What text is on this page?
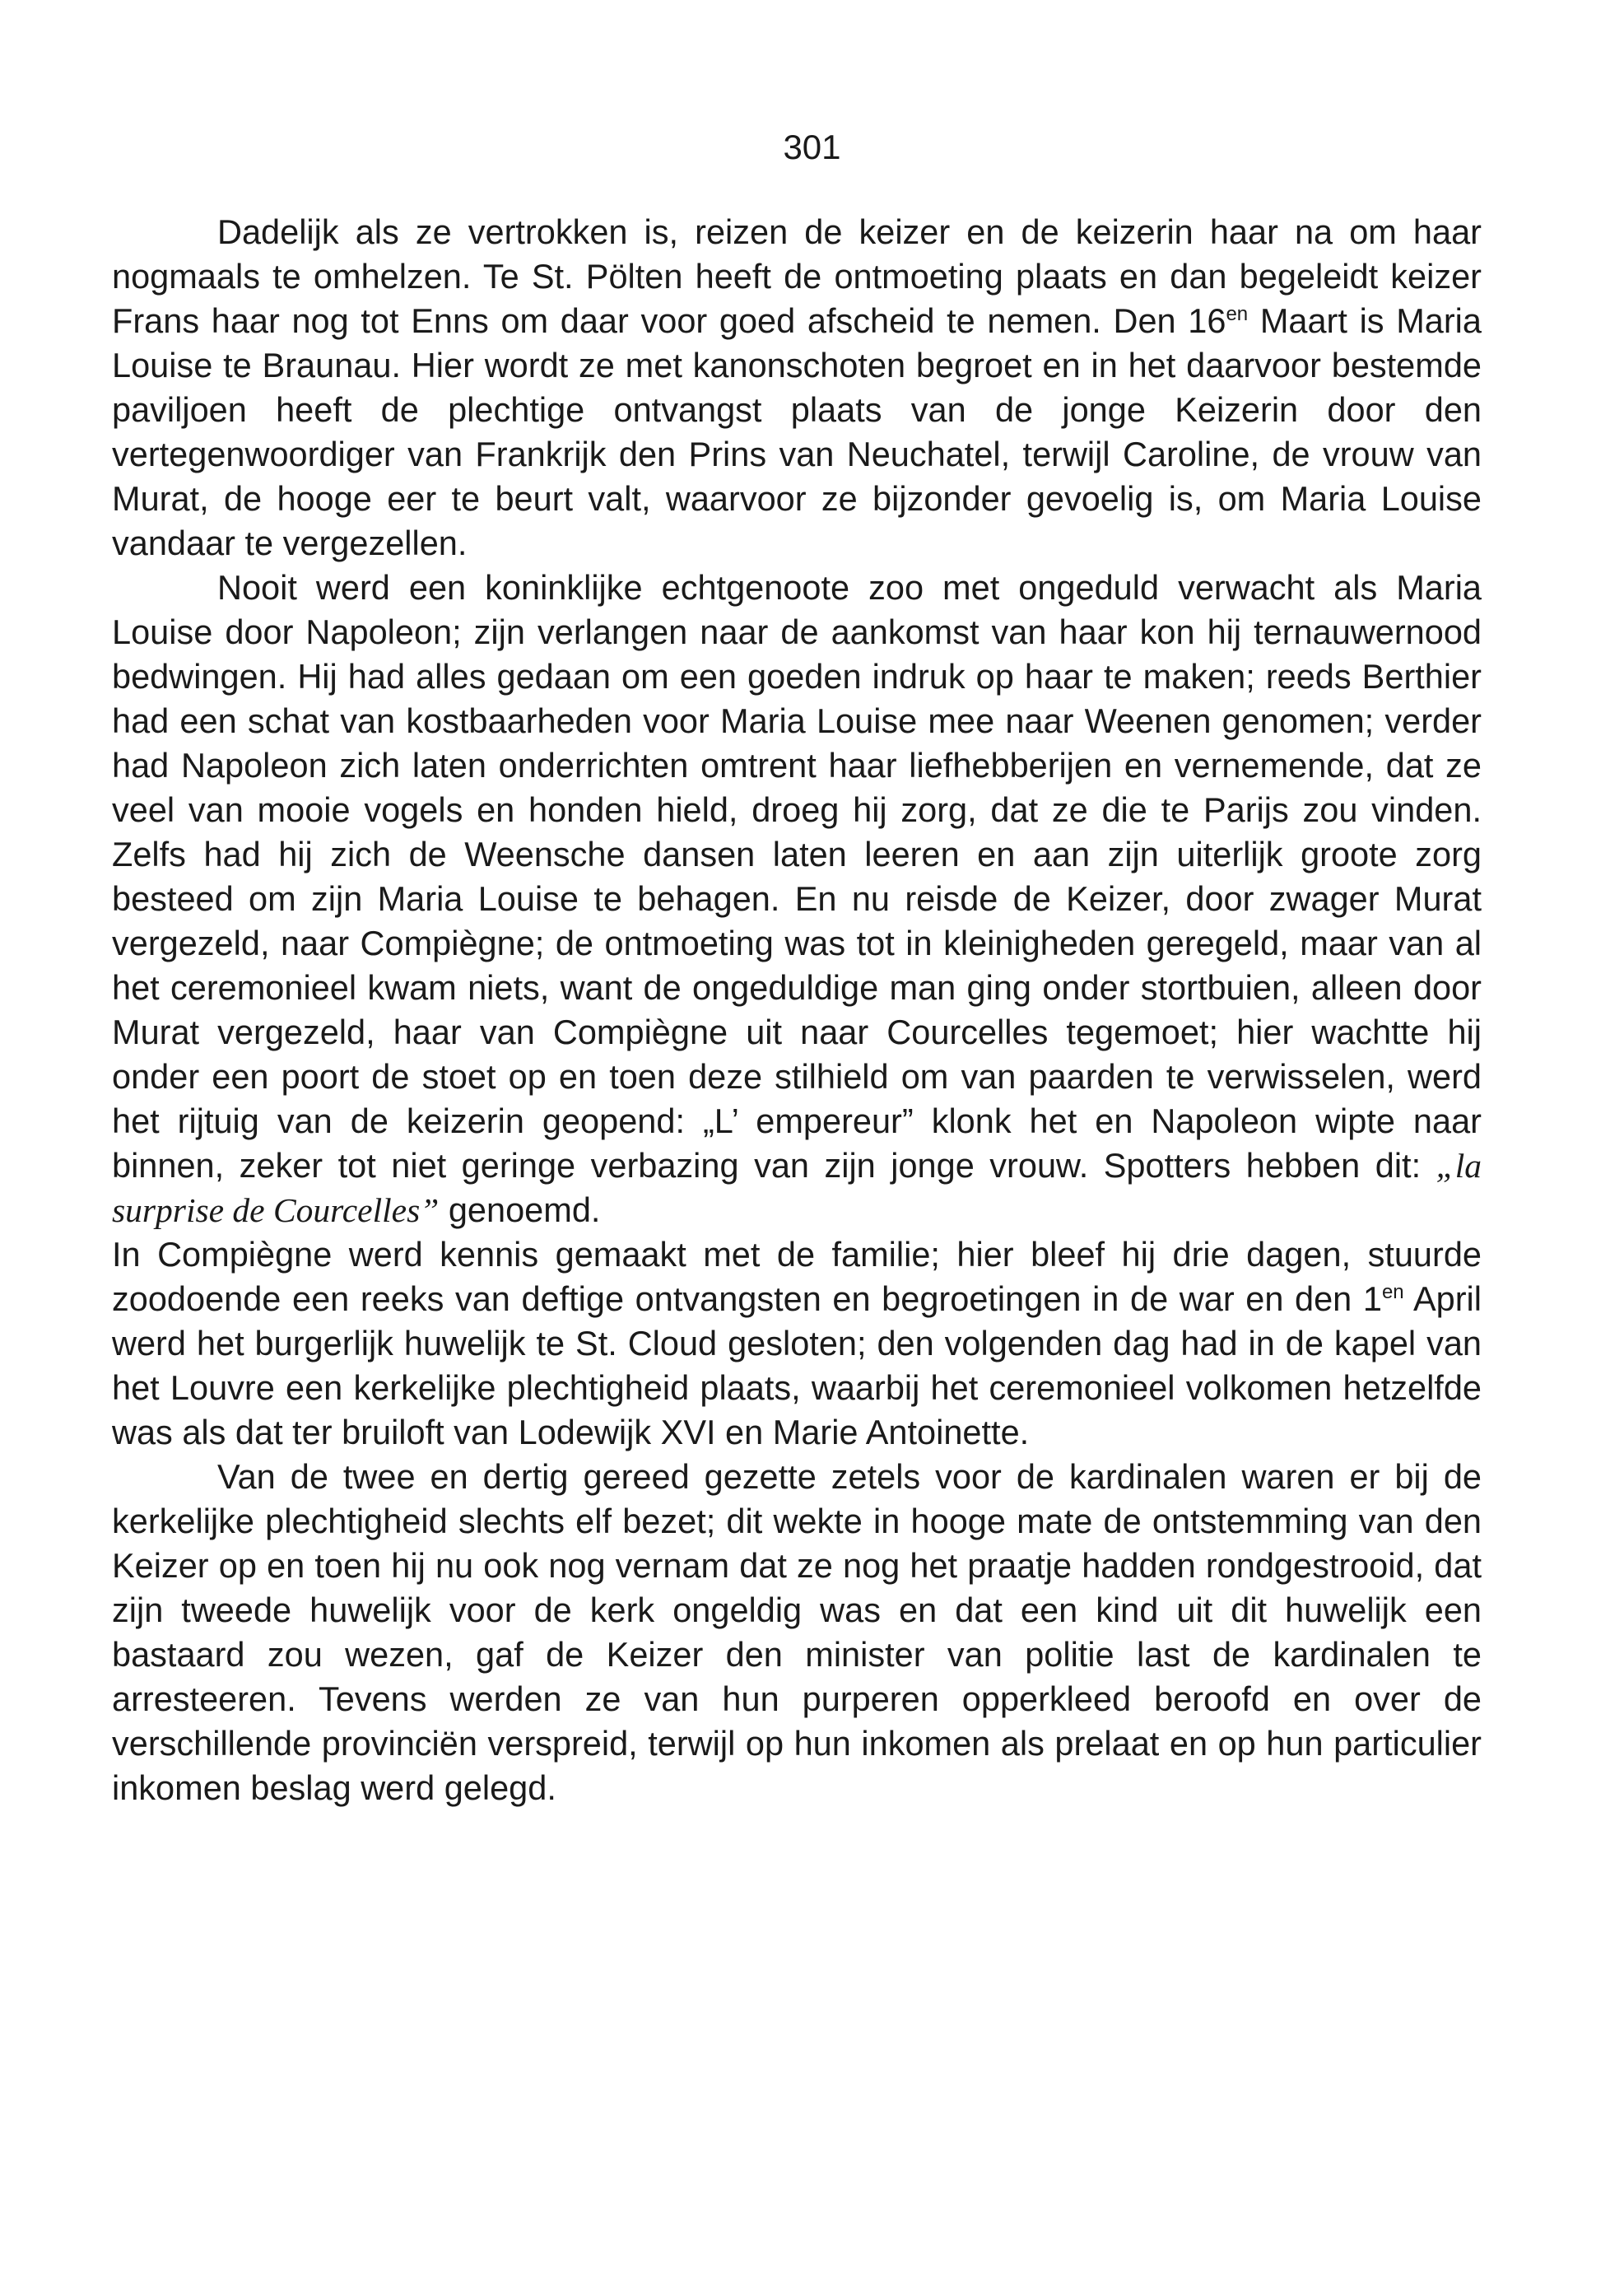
301

Dadelijk als ze vertrokken is, reizen de keizer en de keizerin haar na om haar nogmaals te omhelzen. Te St. Pölten heeft de ontmoeting plaats en dan begeleidt keizer Frans haar nog tot Enns om daar voor goed afscheid te nemen. Den $16^{en}$ Maart is Maria Louise te Braunau. Hier wordt ze met kanonschoten begroet en in het daarvoor bestemde paviljoen heeft de plechtige ontvangst plaats van de jonge Keizerin door den vertegenwoordiger van Frankrijk den Prins van Neuchatel, terwijl Caroline, de vrouw van Murat, de hooge eer te beurt valt, waarvoor ze bijzonder gevoelig is, om Maria Louise vandaar te vergezellen.

Nooit werd een koninklijke echtgenoote zoo met ongeduld verwacht als Maria Louise door Napoleon; zijn verlangen naar de aankomst van haar kon hij ternauwernood bedwingen. Hij had alles gedaan om een goeden indruk op haar te maken; reeds Berthier had een schat van kostbaarheden voor Maria Louise mee naar Weenen genomen; verder had Napoleon zich laten onderrichten omtrent haar liefhebberijen en vernemende, dat ze veel van mooie vogels en honden hield, droeg hij zorg, dat ze die te Parijs zou vinden. Zelfs had hij zich de Weensche dansen laten leeren en aan zijn uiterlijk groote zorg besteed om zijn Maria Louise te behagen. En nu reisde de Keizer, door zwager Murat vergezeld, naar Compiègne; de ontmoeting was tot in kleinigheden geregeld, maar van al het ceremonieel kwam niets, want de ongeduldige man ging onder stortbuien, alleen door Murat vergezeld, haar van Compiègne uit naar Courcelles tegemoet; hier wachtte hij onder een poort de stoet op en toen deze stilhield om van paarden te verwisselen, werd het rijtuig van de keizerin geopend: „L’ empereur” klonk het en Napoleon wipte naar binnen, zeker tot niet geringe verbazing van zijn jonge vrouw. Spotters hebben dit: „la surprise de Courcelles” genoemd.

In Compiègne werd kennis gemaakt met de familie; hier bleef hij drie dagen, stuurde zoodoende een reeks van deftige ontvangsten en begroetingen in de war en den $1^{en}$ April werd het burgerlijk huwelijk te St. Cloud gesloten; den volgenden dag had in de kapel van het Louvre een kerkelijke plechtigheid plaats, waarbij het ceremonieel volkomen hetzelfde was als dat ter bruiloft van Lodewijk XVI en Marie Antoinette.

Van de twee en dertig gereed gezette zetels voor de kardinalen waren er bij de kerkelijke plechtigheid slechts elf bezet; dit wekte in hooge mate de ontstemming van den Keizer op en toen hij nu ook nog vernam dat ze nog het praatje hadden rondgestrooid, dat zijn tweede huwelijk voor de kerk ongeldig was en dat een kind uit dit huwelijk een bastaard zou wezen, gaf de Keizer den minister van politie last de kardinalen te arresteeren. Tevens werden ze van hun purperen opperkleed beroofd en over de verschillende provinciën verspreid, terwijl op hun inkomen als prelaat en op hun particulier inkomen beslag werd gelegd.
